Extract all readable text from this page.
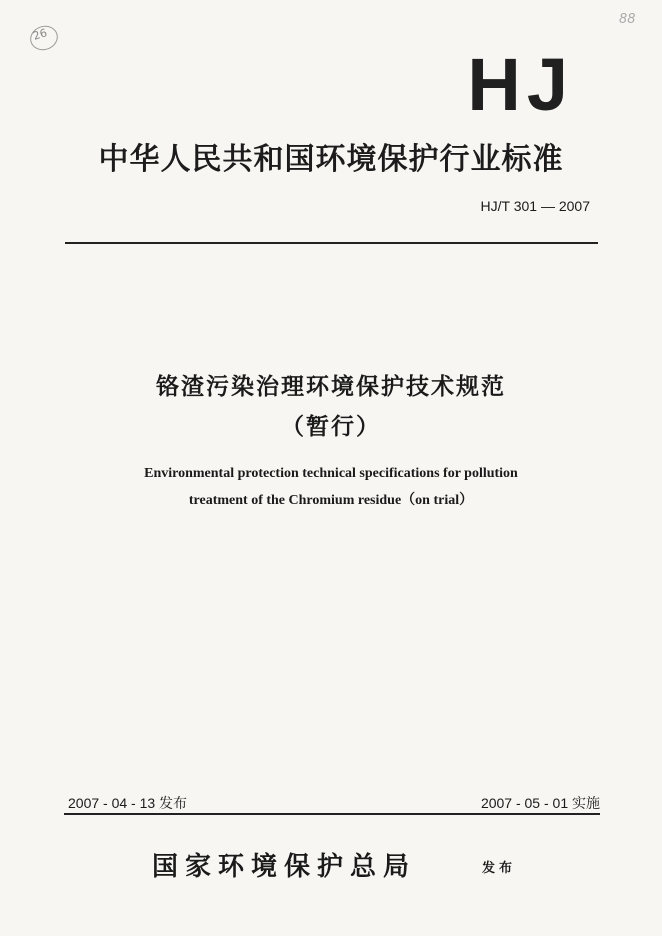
26
88
HJ
中华人民共和国环境保护行业标准
HJ/T 301 — 2007
铬渣污染治理环境保护技术规范
（暂行）
Environmental protection technical specifications for pollution
treatment of the Chromium residue（on trial）
2007 - 04 - 13 发布	2007 - 05 - 01 实施
国家环境保护总局	发布
